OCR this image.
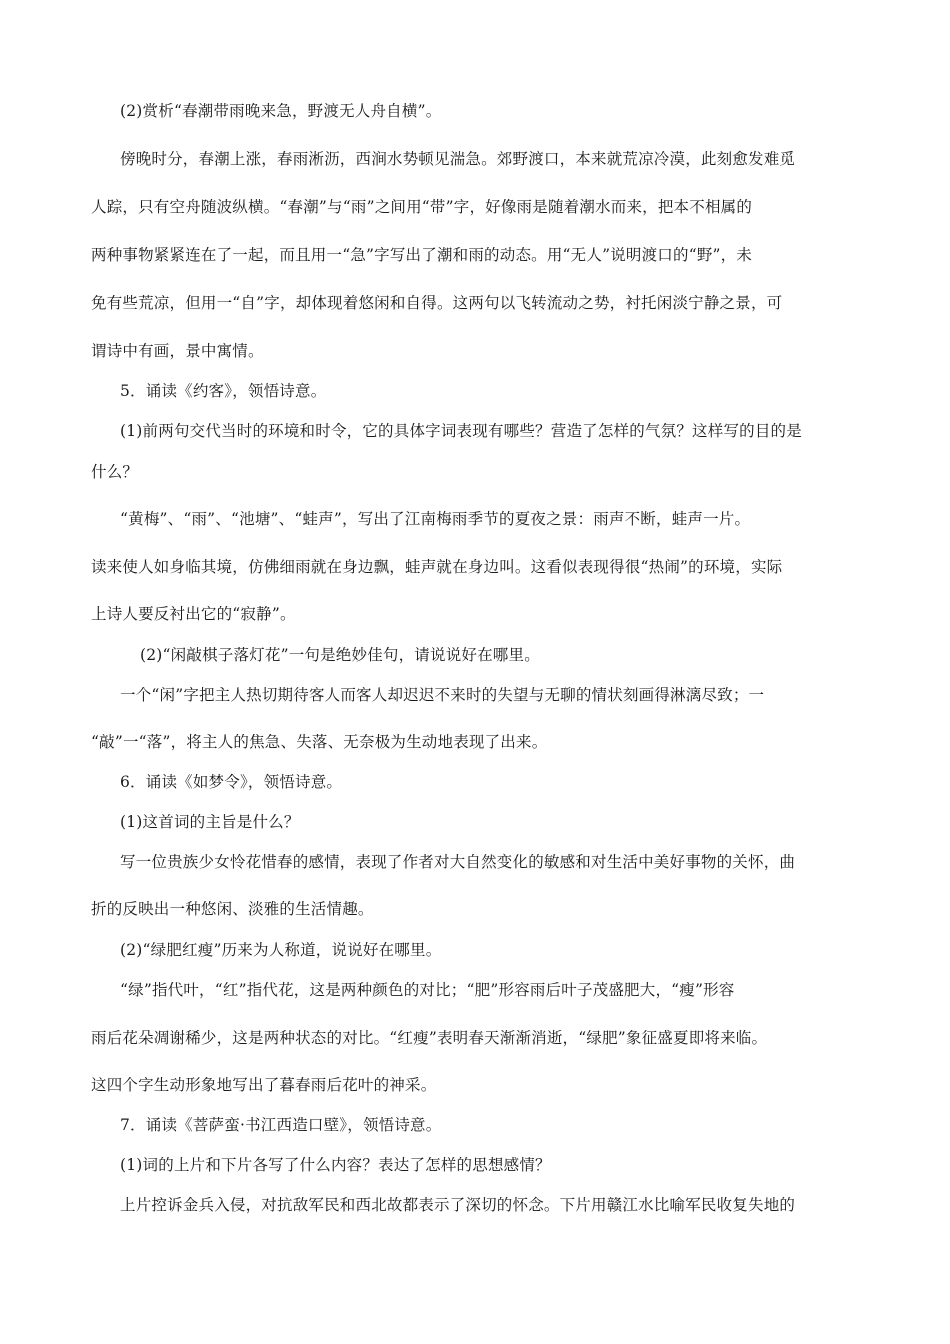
(2)赏析“春潮带雨晚来急，野渡无人舟自横”。
傍晚时分，春潮上涨，春雨淅沥，西涧水势顿见湍急。郊野渡口，本来就荒凉冷漠，此刻愈发难觅
人踪，只有空舟随波纵横。“春潮”与“雨”之间用“带”字，好像雨是随着潮水而来，把本不相属的
两种事物紧紧连在了一起，而且用一“急”字写出了潮和雨的动态。用“无人”说明渡口的“野”，未
免有些荒凉，但用一“自”字，却体现着悠闲和自得。这两句以飞转流动之势，衬托闲淡宁静之景，可
谓诗中有画，景中寓情。
5．诵读《约客》，领悟诗意。
(1)前两句交代当时的环境和时令，它的具体字词表现有哪些？营造了怎样的气氛？这样写的目的是
什么？
“黄梅”、“雨”、“池塘”、“蛙声”，写出了江南梅雨季节的夏夜之景：雨声不断，蛙声一片。
读来使人如身临其境，仿佛细雨就在身边飘，蛙声就在身边叫。这看似表现得很“热闹”的环境，实际
上诗人要反衬出它的“寂静”。
(2)“闲敲棋子落灯花”一句是绝妙佳句，请说说好在哪里。
一个“闲”字把主人热切期待客人而客人却迟迟不来时的失望与无聊的情状刻画得淋漓尽致；一
“敲”一“落”，将主人的焦急、失落、无奈极为生动地表现了出来。
6．诵读《如梦令》，领悟诗意。
(1)这首词的主旨是什么？
写一位贵族少女怜花惜春的感情，表现了作者对大自然变化的敏感和对生活中美好事物的关怀，曲
折的反映出一种悠闲、淡雅的生活情趣。
(2)“绿肥红瘦”历来为人称道，说说好在哪里。
“绿”指代叶，“红”指代花，这是两种颜色的对比；“肥”形容雨后叶子茂盛肥大，“瘦”形容
雨后花朵凋谢稀少，这是两种状态的对比。“红瘦”表明春天渐渐消逝，“绿肥”象征盛夏即将来临。
这四个字生动形象地写出了暮春雨后花叶的神采。
7．诵读《菩萨蛮·书江西造口壁》，领悟诗意。
(1)词的上片和下片各写了什么内容？表达了怎样的思想感情？
上片控诉金兵入侵，对抗敌军民和西北故都表示了深切的怀念。下片用赣江水比喻军民收复失地的
